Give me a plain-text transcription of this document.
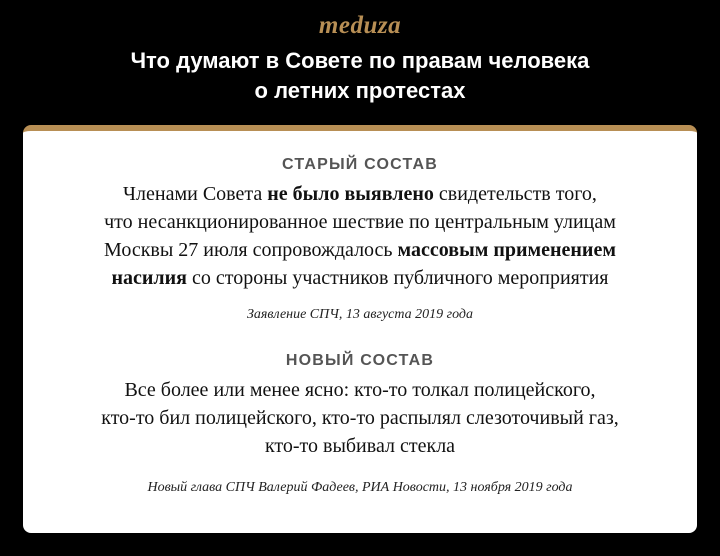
meduza
Что думают в Совете по правам человека
о летних протестах
СТАРЫЙ СОСТАВ
Членами Совета не было выявлено свидетельств того,
что несанкционированное шествие по центральным улицам
Москвы 27 июля сопровождалось массовым применением
насилия со стороны участников публичного мероприятия
Заявление СПЧ, 13 августа 2019 года
НОВЫЙ СОСТАВ
Все более или менее ясно: кто-то толкал полицейского,
кто-то бил полицейского, кто-то распылял слезоточивый газ,
кто-то выбивал стекла
Новый глава СПЧ Валерий Фадеев, РИА Новости, 13 ноября 2019 года
